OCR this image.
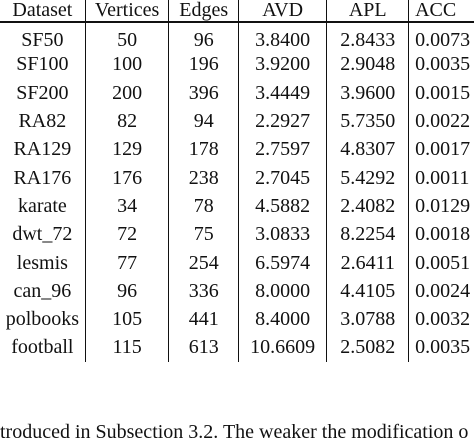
Dataset	Vertices	Edges	AVD	APL	ACC
SF50	50	96	3.8400	2.8433	0.0073
SF100	100	196	3.9200	2.9048	0.0035
SF200	200	396	3.4449	3.9600	0.0015
RA82	82	94	2.2927	5.7350	0.0022
RA129	129	178	2.7597	4.8307	0.0017
RA176	176	238	2.7045	5.4292	0.0011
karate	34	78	4.5882	2.4082	0.0129
dwt_72	72	75	3.0833	8.2254	0.0018
lesmis	77	254	6.5974	2.6411	0.0051
can_96	96	336	8.0000	4.4105	0.0024
polbooks	105	441	8.4000	3.0788	0.0032
football	115	613	10.6609	2.5082	0.0035
troduced in Subsection 3.2. The weaker the modification o
